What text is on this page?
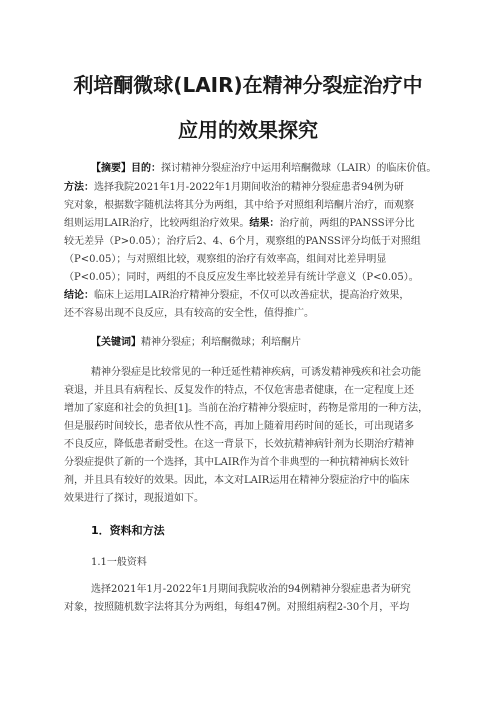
利培酮微球(LAIR)在精神分裂症治疗中
应用的效果探究
【摘要】目的：探讨精神分裂症治疗中运用利培酮微球（LAIR）的临床价值。
方法：选择我院2021年1月-2022年1月期间收治的精神分裂症患者94例为研
究对象，根据数字随机法将其分为两组，其中给予对照组利培酮片治疗，而观察
组则运用LAIR治疗，比较两组治疗效果。结果：治疗前，两组的PANSS评分比
较无差异（P>0.05）；治疗后2、4、6个月，观察组的PANSS评分均低于对照组
（P<0.05）；与对照组比较，观察组的治疗有效率高，组间对比差异明显
（P<0.05）；同时，两组的不良反应发生率比较差异有统计学意义（P<0.05）。
结论：临床上运用LAIR治疗精神分裂症，不仅可以改善症状，提高治疗效果，
还不容易出现不良反应，具有较高的安全性，值得推广。
【关键词】精神分裂症；利培酮微球；利培酮片
精神分裂症是比较常见的一种迁延性精神疾病，可诱发精神残疾和社会功能
衰退，并且具有病程长、反复发作的特点，不仅危害患者健康，在一定程度上还
增加了家庭和社会的负担[1]。当前在治疗精神分裂症时，药物是常用的一种方法，
但是服药时间较长，患者依从性不高，再加上随着用药时间的延长，可出现诸多
不良反应，降低患者耐受性。在这一背景下，长效抗精神病针剂为长期治疗精神
分裂症提供了新的一个选择，其中LAIR作为首个非典型的一种抗精神病长效针
剂，并且具有较好的效果。因此，本文对LAIR运用在精神分裂症治疗中的临床
效果进行了探讨，现报道如下。
1．资料和方法
1.1一般资料
选择2021年1月-2022年1月期间我院收治的94例精神分裂症患者为研究
对象，按照随机数字法将其分为两组，每组47例。对照组病程2-30个月，平均
